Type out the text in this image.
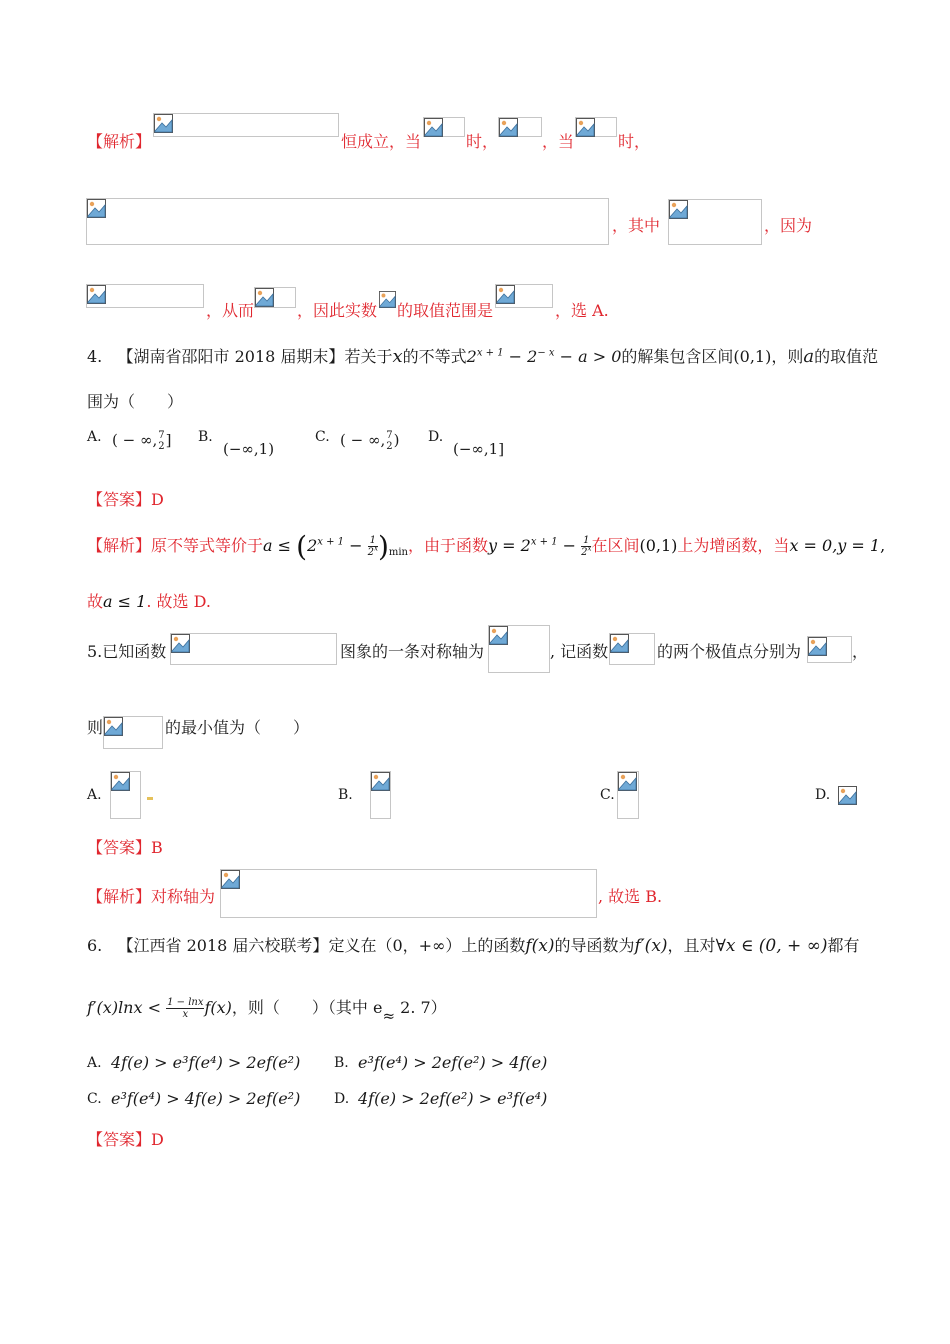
【解析】	恒成立，当	时，	，当	时，
，其中	，因为
，从而	，因此实数 的取值范围是	，选 A.
4. 【湖南省邵阳市 2018 届期末】若关于x的不等式$2^{x + 1} - 2^{- x} - a > 0$的解集包含区间(0,1)，则a的取值范
围为（　　）
A. ( − ∞, 7
2 ] B.
(−∞,1)
C. ( − ∞, 7
2 ) D.
(−∞,1]
【答案】D
【解析】原不等式等价于$a \le (2^{x + 1} - \frac{1}{2^x} )_{min}$，由于函数$y = 2^{x + 1} - \frac{1}{2^x}$ 在区间(0,1)上为增函数，当x = 0,y = 1,
故a ≤ 1. 故选 D.
5.已知函数	图象的一条对称轴为	, 记函数	的两个极值点分别为	，
则	的最小值为（　　）
A.	B.	C.	D.
【答案】B
【解析】对称轴为	, 故选 B.
6. 【江西省 2018 届六校联考】定义在（0，+∞）上的函数f(x)的导函数为f′(x)，且对∀x ∈ (0, + ∞)都有
$f'(x)\ln x < \frac{1 - \ln x}{x} f(x)$，则（　　）（其中 e≈ 2. 7）
A. 4f(e) > e³f(e⁴) > 2ef(e²) B. e³f(e⁴) > 2ef(e²) > 4f(e)
C. e³f(e⁴) > 4f(e) > 2ef(e²) D. 4f(e) > 2ef(e²) > e³f(e⁴)
【答案】D
